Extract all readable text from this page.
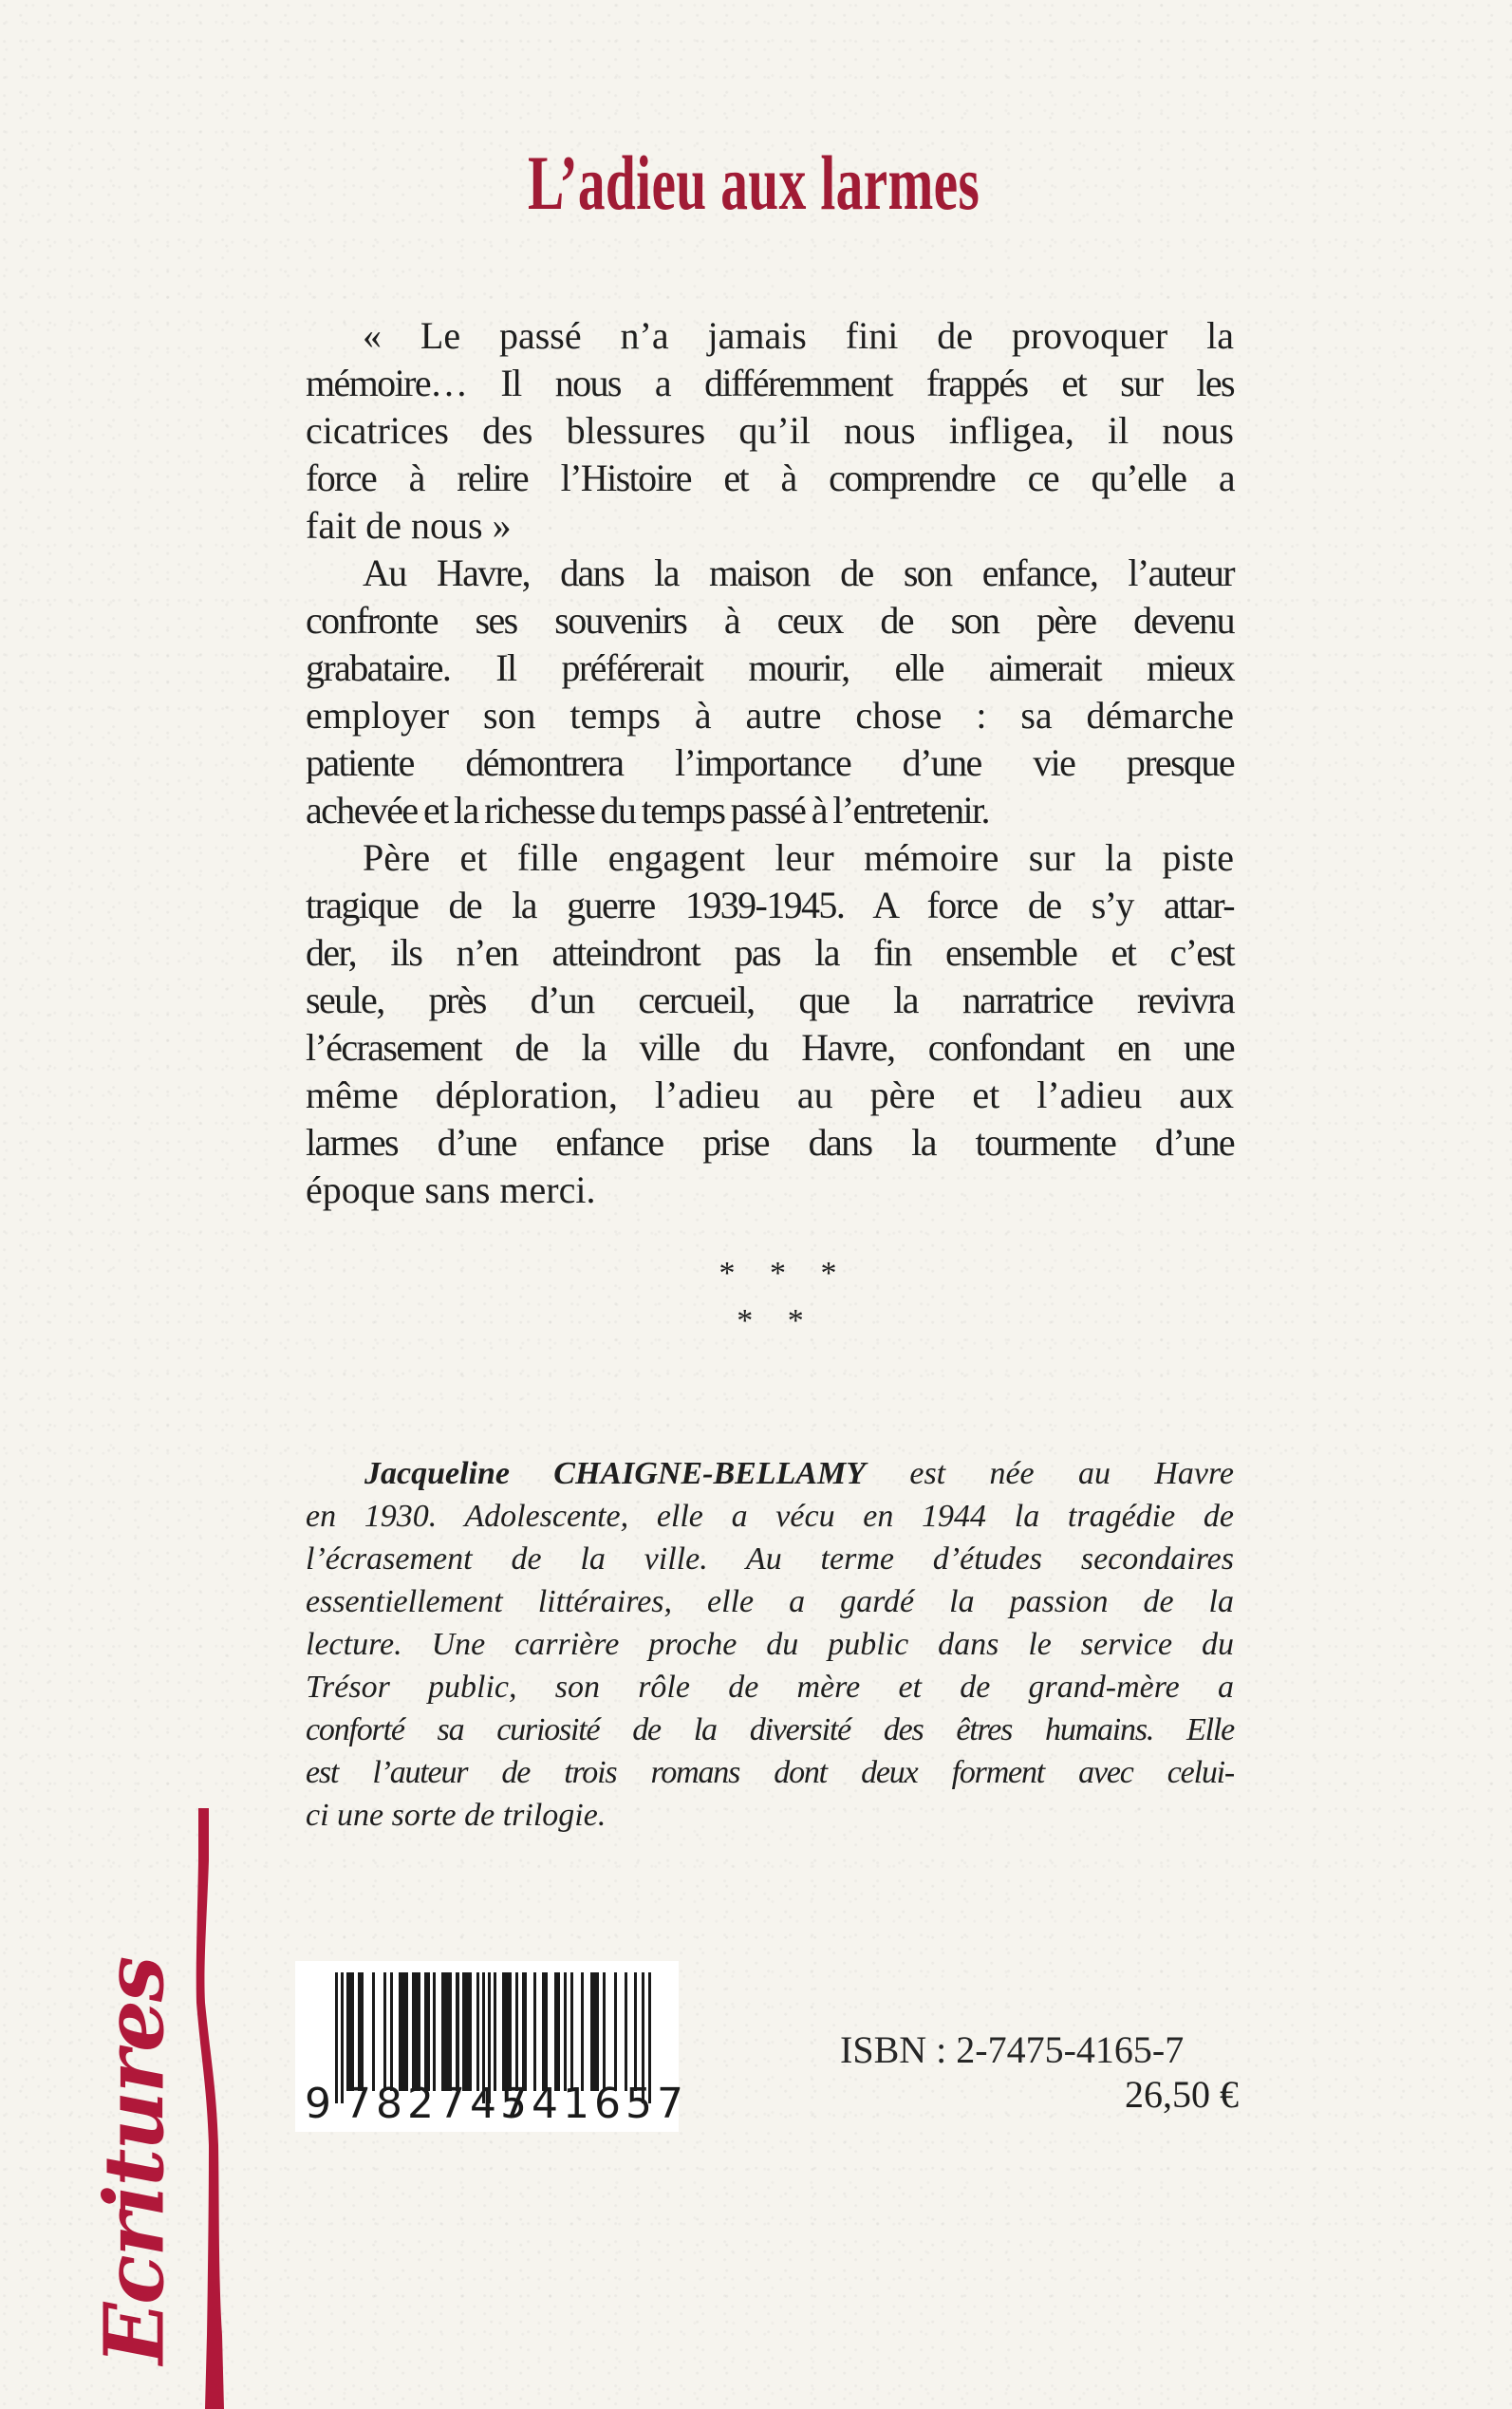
L’adieu aux larmes
« Le passé n’a jamais fini de provoquer la
mémoire… Il nous a différemment frappés et sur les
cicatrices des blessures qu’il nous infligea, il nous
force à relire l’Histoire et à comprendre ce qu’elle a
fait de nous »
Au Havre, dans la maison de son enfance, l’auteur
confronte ses souvenirs à ceux de son père devenu
grabataire. Il préférerait mourir, elle aimerait mieux
employer son temps à autre chose : sa démarche
patiente démontrera l’importance d’une vie presque
achevée et la richesse du temps passé à l’entretenir.
Père et fille engagent leur mémoire sur la piste
tragique de la guerre 1939-1945. A force de s’y attar-
der, ils n’en atteindront pas la fin ensemble et c’est
seule, près d’un cercueil, que la narratrice revivra
l’écrasement de la ville du Havre, confondant en une
même déploration, l’adieu au père et l’adieu aux
larmes d’une enfance prise dans la tourmente d’une
époque sans merci.
* * *
* *
Jacqueline CHAIGNE-BELLAMY est née au Havre
en 1930. Adolescente, elle a vécu en 1944 la tragédie de
l’écrasement de la ville. Au terme d’études secondaires
essentiellement littéraires, elle a gardé la passion de la
lecture. Une carrière proche du public dans le service du
Trésor public, son rôle de mère et de grand-mère a
conforté sa curiosité de la diversité des êtres humains. Elle
est l’auteur de trois romans dont deux forment avec celui-
ci une sorte de trilogie.
9 782747
541657
ISBN : 2-7475-4165-7
26,50 €
Ecritures
